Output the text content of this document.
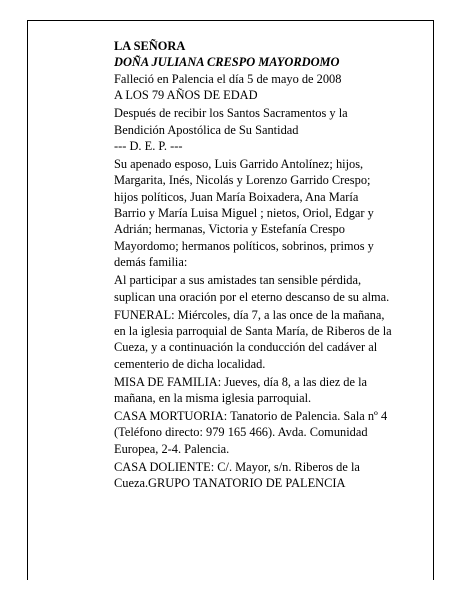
LA SEÑORA
DOÑA JULIANA CRESPO MAYORDOMO
Falleció en Palencia el día 5 de mayo de 2008
A LOS 79 AÑOS DE EDAD
Después de recibir los Santos Sacramentos y la
Bendición Apostólica de Su Santidad
--- D. E. P. ---
Su apenado esposo, Luis Garrido Antolínez; hijos,
Margarita, Inés, Nicolás y Lorenzo Garrido Crespo;
hijos políticos, Juan María Boixadera, Ana María
Barrio y María Luisa Miguel ; nietos, Oriol, Edgar y
Adrián; hermanas, Victoria y Estefanía Crespo
Mayordomo; hermanos políticos, sobrinos, primos y
demás familia:
Al participar a sus amistades tan sensible pérdida,
suplican una oración por el eterno descanso de su alma.
FUNERAL: Miércoles, día 7, a las once de la mañana,
en la iglesia parroquial de Santa María, de Riberos de la
Cueza, y a continuación la conducción del cadáver al
cementerio de dicha localidad.
MISA DE FAMILIA: Jueves, día 8, a las diez de la
mañana, en la misma iglesia parroquial.
CASA MORTUORIA: Tanatorio de Palencia. Sala nº 4
(Teléfono directo: 979 165 466). Avda. Comunidad
Europea, 2-4. Palencia.
CASA DOLIENTE: C/. Mayor, s/n. Riberos de la
Cueza.GRUPO TANATORIO DE PALENCIA
